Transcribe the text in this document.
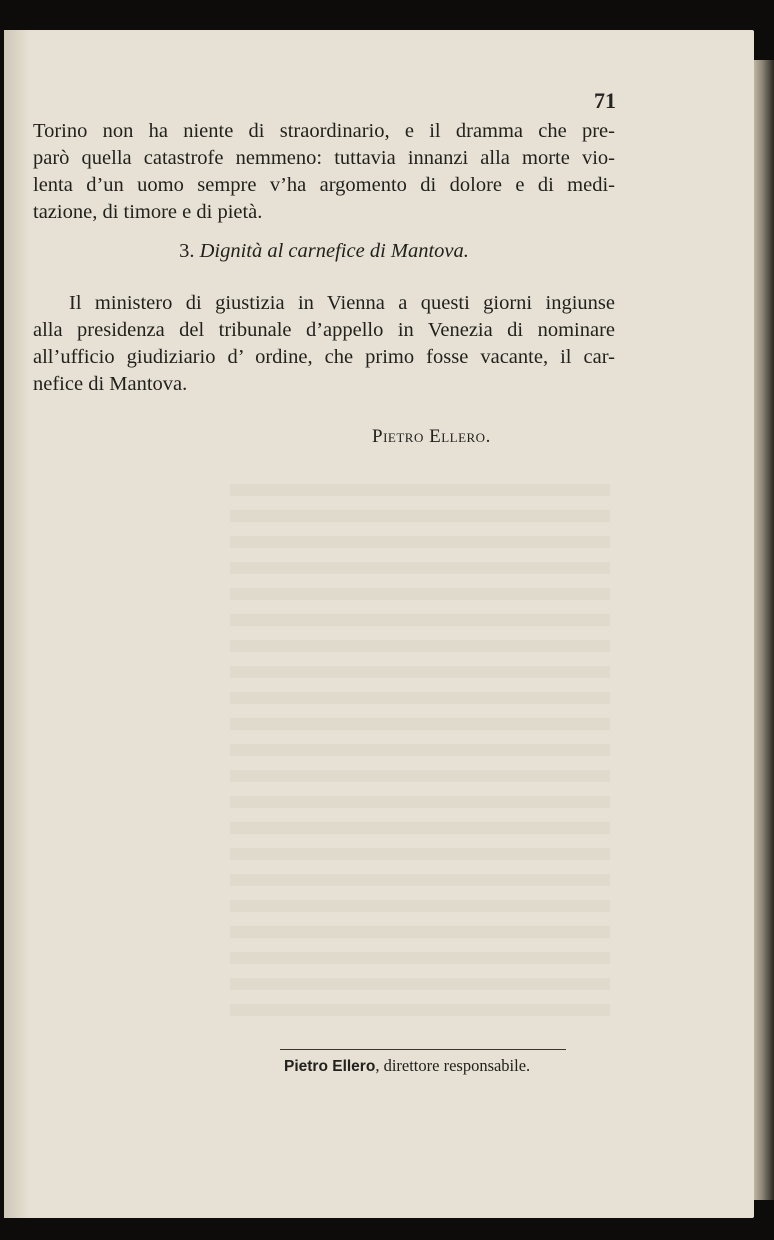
71
Torino non ha niente di straordinario, e il dramma che pre-
parò quella catastrofe nemmeno: tuttavia innanzi alla morte vio-
lenta d’un uomo sempre v’ha argomento di dolore e di medi-
tazione, di timore e di pietà.
3. Dignità al carnefice di Mantova.
Il ministero di giustizia in Vienna a questi giorni ingiunse
alla presidenza del tribunale d’appello in Venezia di nominare
all’ufficio giudiziario d’ ordine, che primo fosse vacante, il car-
nefice di Mantova.
Pietro Ellero.
Pietro Ellero, direttore responsabile.
